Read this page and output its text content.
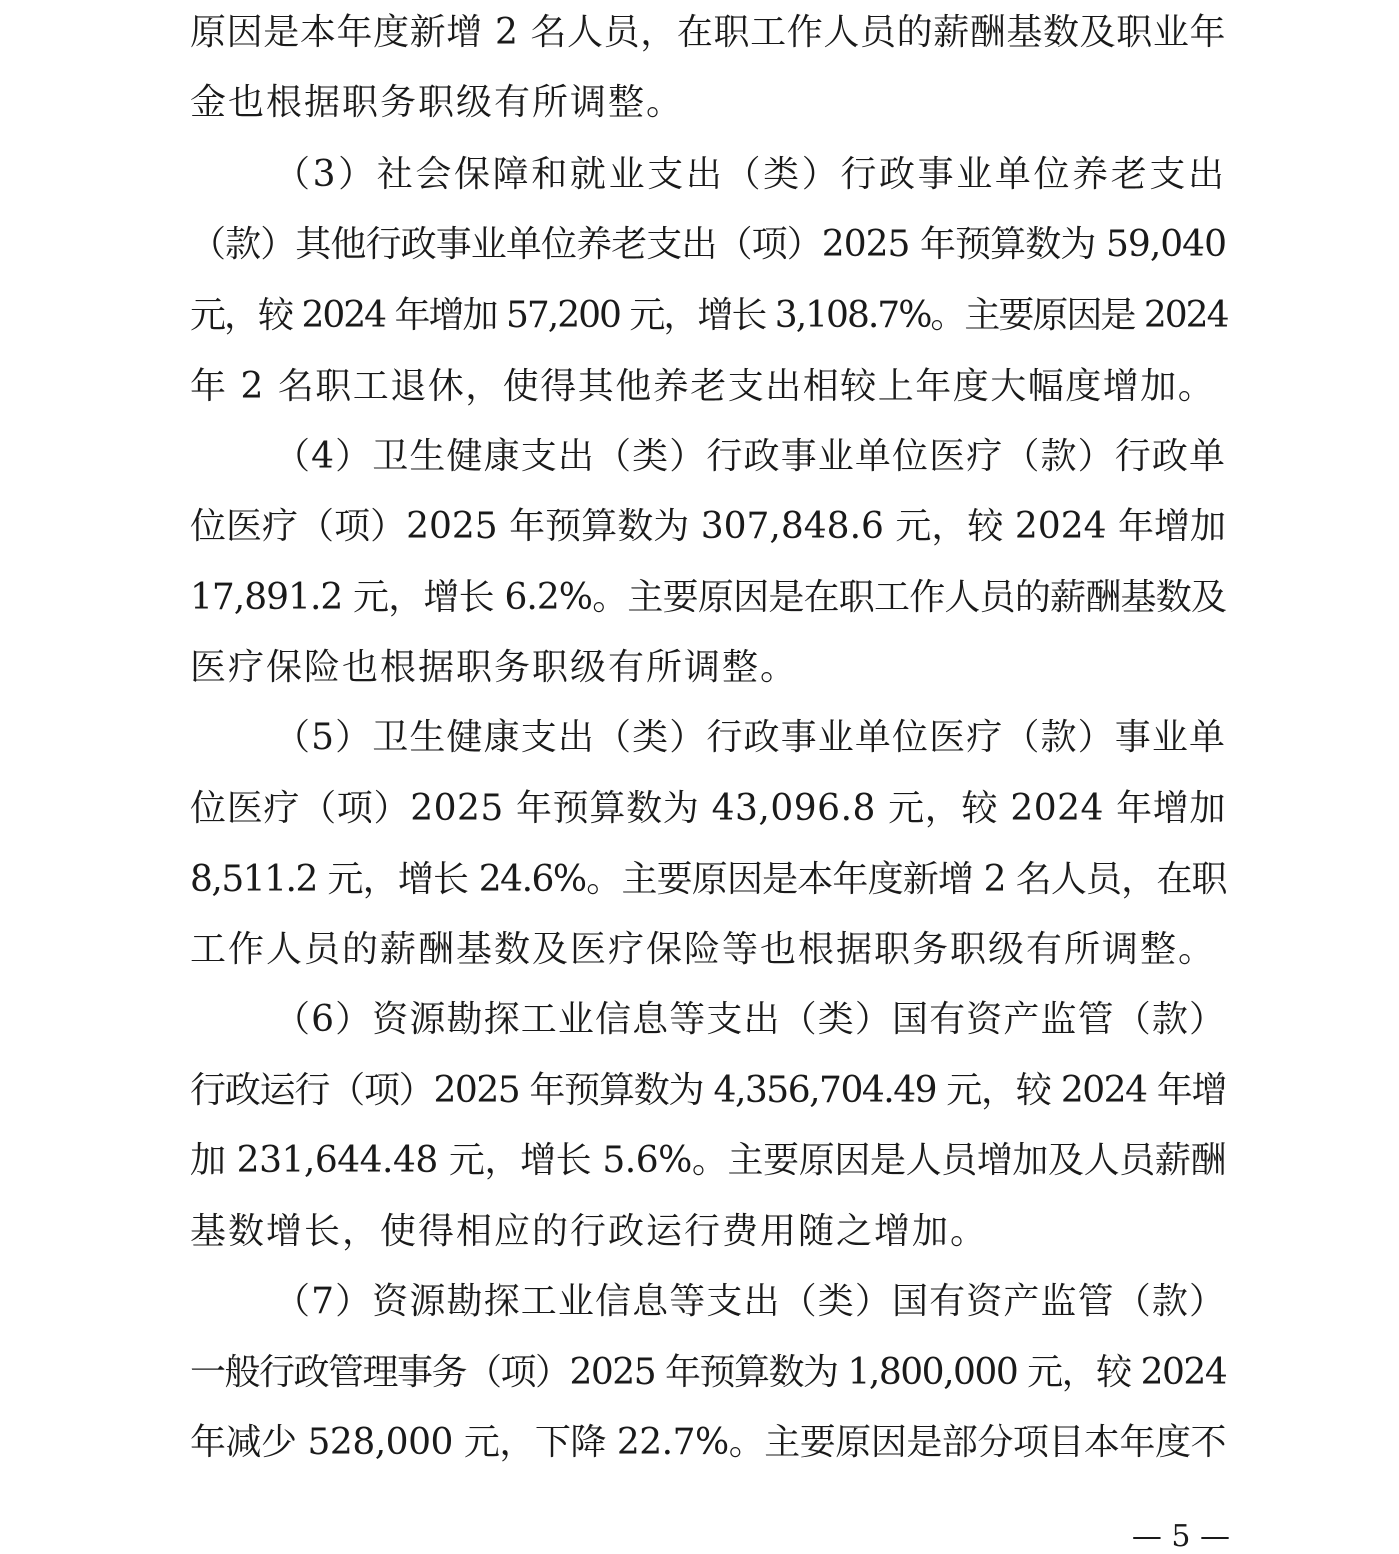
原因是本年度新增 2 名人员，在职工作人员的薪酬基数及职业年
金也根据职务职级有所调整。
（3）社会保障和就业支出（类）行政事业单位养老支出
（款）其他行政事业单位养老支出（项）2025 年预算数为 59,040
元，较 2024 年增加 57,200 元，增长 3,108.7%。主要原因是 2024
年 2 名职工退休，使得其他养老支出相较上年度大幅度增加。
（4）卫生健康支出（类）行政事业单位医疗（款）行政单
位医疗（项）2025 年预算数为 307,848.6 元，较 2024 年增加
17,891.2 元，增长 6.2%。主要原因是在职工作人员的薪酬基数及
医疗保险也根据职务职级有所调整。
（5）卫生健康支出（类）行政事业单位医疗（款）事业单
位医疗（项）2025 年预算数为 43,096.8 元，较 2024 年增加
8,511.2 元，增长 24.6%。主要原因是本年度新增 2 名人员，在职
工作人员的薪酬基数及医疗保险等也根据职务职级有所调整。
（6）资源勘探工业信息等支出（类）国有资产监管（款）
行政运行（项）2025 年预算数为 4,356,704.49 元，较 2024 年增
加 231,644.48 元，增长 5.6%。主要原因是人员增加及人员薪酬
基数增长，使得相应的行政运行费用随之增加。
（7）资源勘探工业信息等支出（类）国有资产监管（款）
一般行政管理事务（项）2025 年预算数为 1,800,000 元，较 2024
年减少 528,000 元，下降 22.7%。主要原因是部分项目本年度不
— 5 —
